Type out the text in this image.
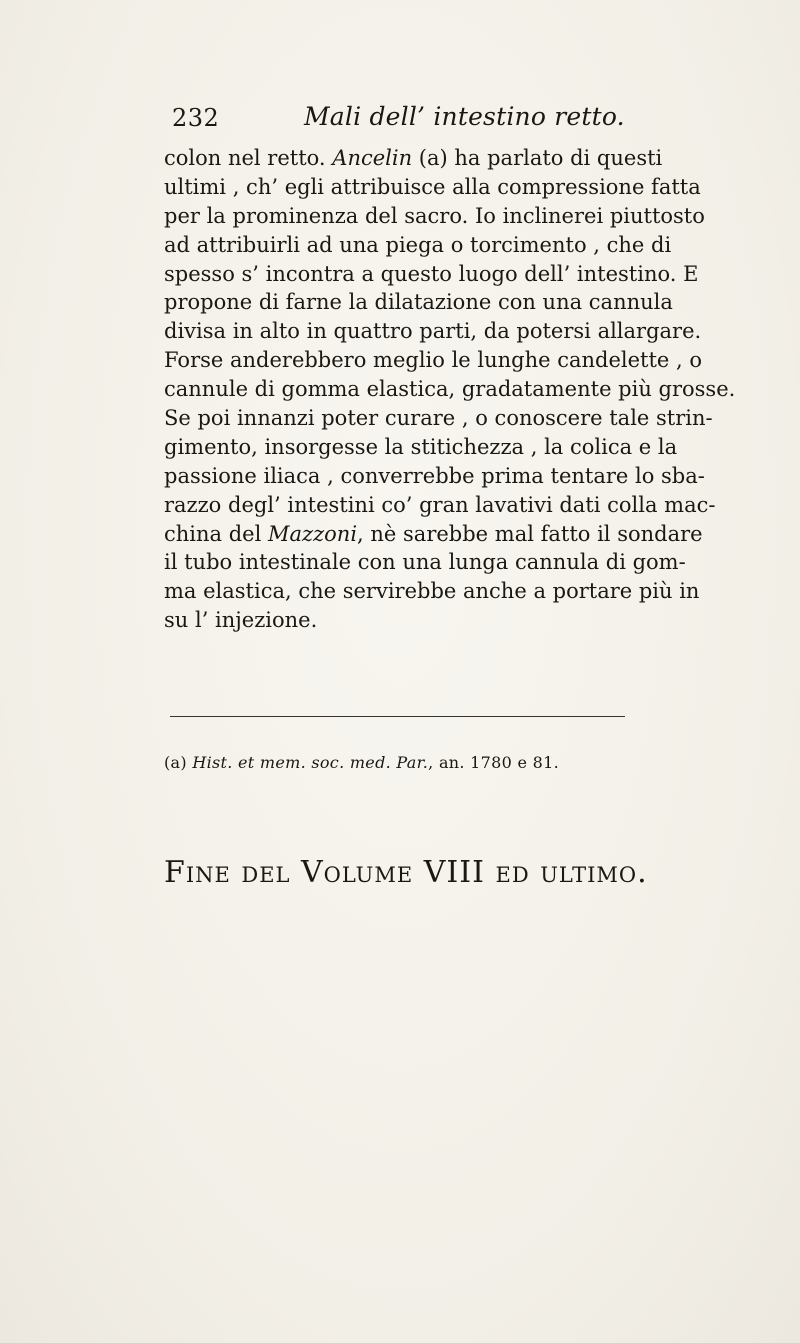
232	Mali dell’ intestino retto.
colon nel retto. Ancelin (a) ha parlato di questi
ultimi , ch’ egli attribuisce alla compressione fatta
per la prominenza del sacro. Io inclinerei piuttosto
ad attribuirli ad una piega o torcimento , che di
spesso s’ incontra a questo luogo dell’ intestino. E
propone di farne la dilatazione con una cannula
divisa in alto in quattro parti, da potersi allargare.
Forse anderebbero meglio le lunghe candelette , o
cannule di gomma elastica, gradatamente più grosse.
Se poi innanzi poter curare , o conoscere tale strin-
gimento, insorgesse la stitichezza , la colica e la
passione iliaca , converrebbe prima tentare lo sba-
razzo degl’ intestini co’ gran lavativi dati colla mac-
china del Mazzoni, nè sarebbe mal fatto il sondare
il tubo intestinale con una lunga cannula di gom-
ma elastica, che servirebbe anche a portare più in
su l’ injezione.
(a) Hist. et mem. soc. med. Par., an. 1780 e 81.
Fine del Volume VIII ed ultimo.
